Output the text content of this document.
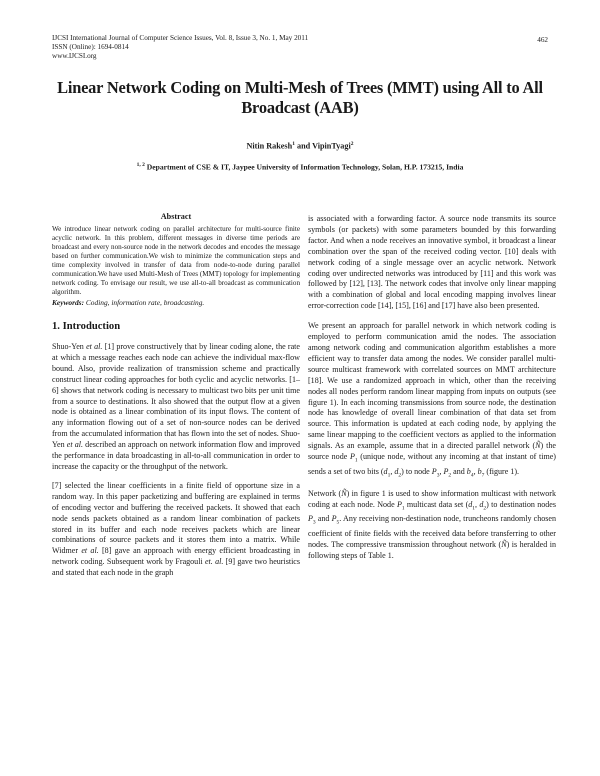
IJCSI International Journal of Computer Science Issues, Vol. 8, Issue 3, No. 1, May 2011
ISSN (Online): 1694-0814
www.IJCSI.org
462
Linear Network Coding on Multi-Mesh of Trees (MMT) using All to All Broadcast (AAB)
Nitin Rakesh$^1$ and VipinTyagi$^2$
$^{1, 2}$ Department of CSE & IT, Jaypee University of Information Technology, Solan, H.P. 173215, India
Abstract

We introduce linear network coding on parallel architecture for multi-source finite acyclic network. In this problem, different messages in diverse time periods are broadcast and every non-source node in the network decodes and encodes the message based on further communication.We wish to minimize the communication steps and time complexity involved in transfer of data from node-to-node during parallel communication.We have used Multi-Mesh of Trees (MMT) topology for implementing network coding. To envisage our result, we use all-to-all broadcast as communication algorithm.

Keywords: Coding, information rate, broadcasting.

1. Introduction

Shuo-Yen et al. [1] prove constructively that by linear coding alone, the rate at which a message reaches each node can achieve the individual max-flow bound. Also, provide realization of transmission scheme and practically construct linear coding approaches for both cyclic and acyclic networks. [1–6] shows that network coding is necessary to multicast two bits per unit time from a source to destinations. It also showed that the output flow at a given node is obtained as a linear combination of its input flows. The content of any information flowing out of a set of non-source nodes can be derived from the accumulated information that has flown into the set of nodes. Shuo-Yen et al. described an approach on network information flow and improved the performance in data broadcasting in all-to-all communication in order to increase the capacity or the throughput of the network.

[7] selected the linear coefficients in a finite field of opportune size in a random way. In this paper packetizing and buffering are explained in terms of encoding vector and buffering the received packets. It showed that each node sends packets obtained as a random linear combination of packets stored in its buffer and each node receives packets which are linear combinations of source packets and it stores them into a matrix. While Widmer et al. [8] gave an approach with energy efficient broadcasting in network coding. Subsequent work by Fragouli et. al. [9] gave two heuristics and stated that each node in the graph

is associated with a forwarding factor. A source node transmits its source symbols (or packets) with some parameters bounded by this forwarding factor. And when a node receives an innovative symbol, it broadcast a linear combination over the span of the received coding vector. [10] deals with network coding of a single message over an acyclic network. Network coding over undirected networks was introduced by [11] and this work was followed by [12], [13]. The network codes that involve only linear mapping with a combination of global and local encoding mapping involves linear error-correction code [14], [15], [16] and [17] have also been presented.

We present an approach for parallel network in which network coding is employed to perform communication amid the nodes. The association among network coding and communication algorithm establishes a more efficient way to transfer data among the nodes. We consider parallel multi-source multicast framework with correlated sources on MMT architecture [18]. We use a randomized approach in which, other than the receiving nodes all nodes perform random linear mapping from inputs on outputs (see figure 1). In each incoming transmissions from source node, the destination node has knowledge of overall linear combination of that data set from source. This information is updated at each coding node, by applying the same linear mapping to the coefficient vectors as applied to the information signals. As an example, assume that in a directed parallel network (Ñ) the source node $P_1$ (unique node, without any incoming at that instant of time) sends a set of two bits ($d_1$, $d_2$) to node $P_3$, $P_2$ and $b_4$, $b_7$ (figure 1).

Network (Ñ) in figure 1 is used to show information multicast with network coding at each node. Node $P_1$ multicast data set ($d_1$, $d_2$) to destination nodes $P_3$ and $P_5$. Any receiving non-destination node, truncheons randomly chosen coefficient of finite fields with the received data before transferring to other nodes. The compressive transmission throughout network (Ñ) is heralded in following steps of Table 1.
